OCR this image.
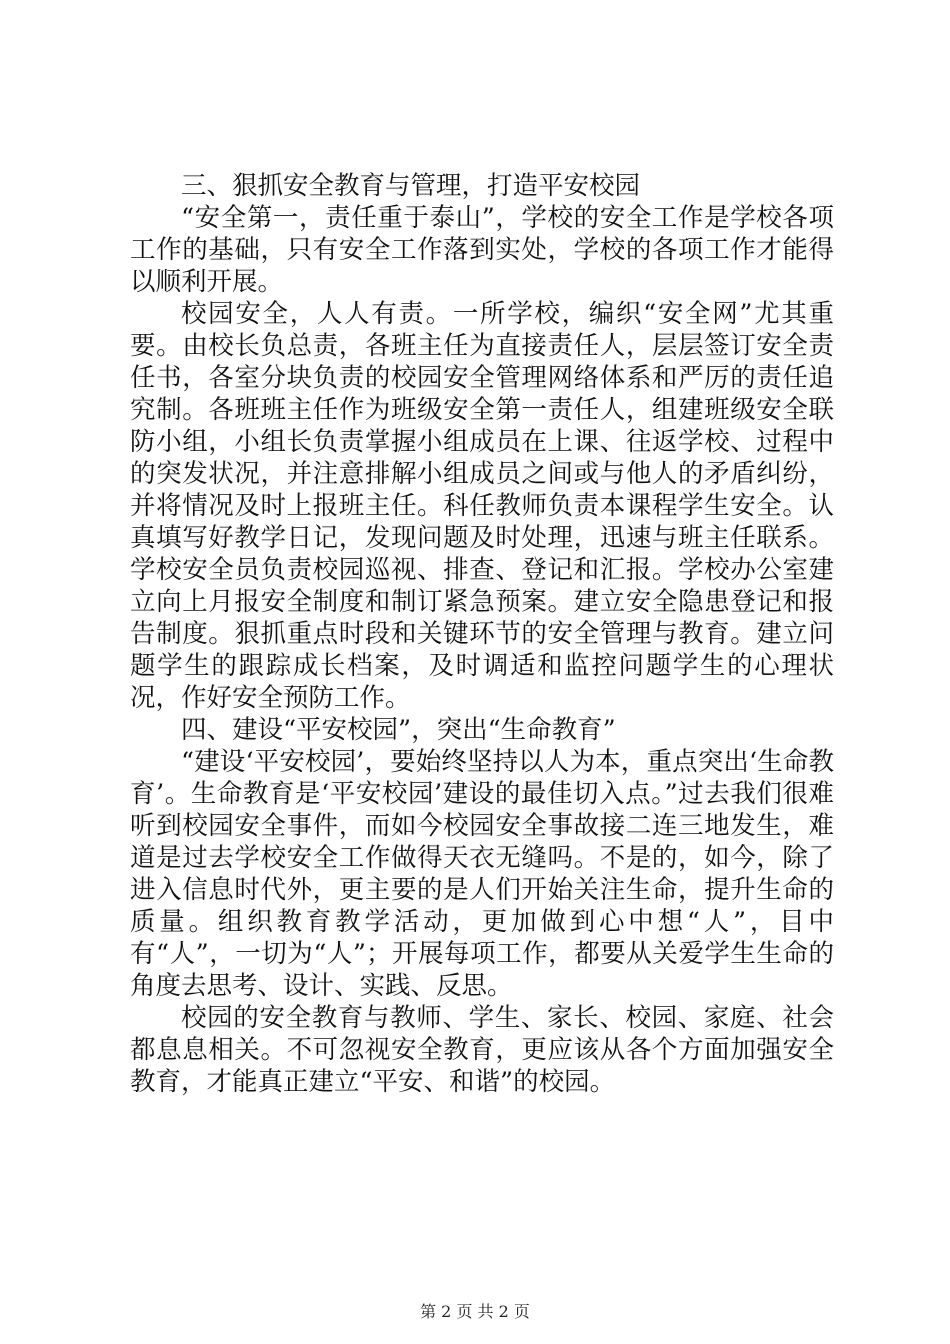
三、狠抓安全教育与管理，打造平安校园

“安全第一，责任重于泰山”，学校的安全工作是学校各项工作的基础，只有安全工作落到实处，学校的各项工作才能得以顺利开展。

校园安全，人人有责。一所学校，编织“安全网”尤其重要。由校长负总责，各班主任为直接责任人，层层签订安全责任书，各室分块负责的校园安全管理网络体系和严厉的责任追究制。各班班主任作为班级安全第一责任人，组建班级安全联防小组，小组长负责掌握小组成员在上课、往返学校、过程中的突发状况，并注意排解小组成员之间或与他人的矛盾纠纷，并将情况及时上报班主任。科任教师负责本课程学生安全。认真填写好教学日记，发现问题及时处理，迅速与班主任联系。学校安全员负责校园巡视、排查、登记和汇报。学校办公室建立向上月报安全制度和制订紧急预案。建立安全隐患登记和报告制度。狠抓重点时段和关键环节的安全管理与教育。建立问题学生的跟踪成长档案，及时调适和监控问题学生的心理状况，作好安全预防工作。

四、建设“平安校园”，突出“生命教育”

“建设‘平安校园’，要始终坚持以人为本，重点突出‘生命教育’。生命教育是‘平安校园’建设的最佳切入点。”过去我们很难听到校园安全事件，而如今校园安全事故接二连三地发生，难道是过去学校安全工作做得天衣无缝吗。不是的，如今，除了进入信息时代外，更主要的是人们开始关注生命，提升生命的质量。组织教育教学活动，更加做到心中想“人”，目中有“人”，一切为“人”；开展每项工作，都要从关爱学生生命的角度去思考、设计、实践、反思。

校园的安全教育与教师、学生、家长、校园、家庭、社会都息息相关。不可忽视安全教育，更应该从各个方面加强安全教育，才能真正建立“平安、和谐”的校园。

第 2 页 共 2 页
